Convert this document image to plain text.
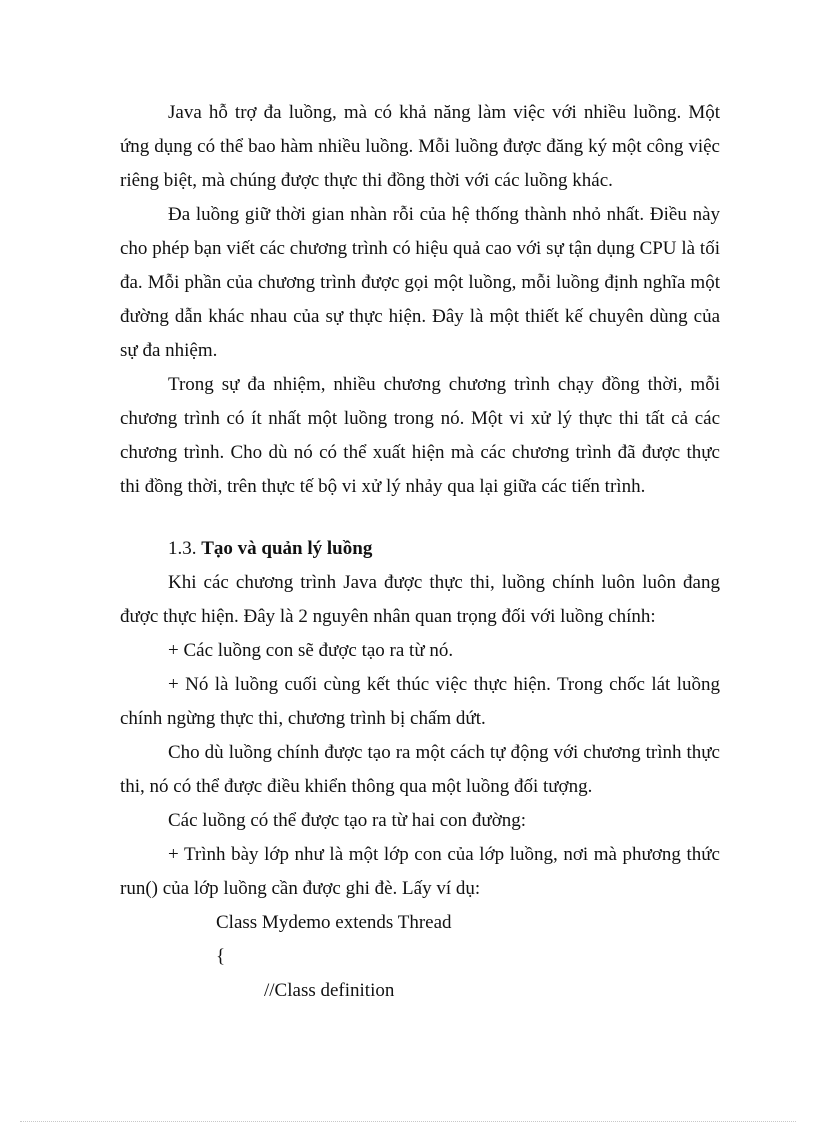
Java hỗ trợ đa luồng, mà có khả năng làm việc với nhiều luồng. Một ứng dụng có thể bao hàm nhiều luồng. Mỗi luồng được đăng ký một công việc riêng biệt, mà chúng được thực thi đồng thời với các luồng khác.

Đa luồng giữ thời gian nhàn rỗi của hệ thống thành nhỏ nhất. Điều này cho phép bạn viết các chương trình có hiệu quả cao với sự tận dụng CPU là tối đa. Mỗi phần của chương trình được gọi một luồng, mỗi luồng định nghĩa một đường dẫn khác nhau của sự thực hiện. Đây là một thiết kế chuyên dùng của sự đa nhiệm.

Trong sự đa nhiệm, nhiều chương chương trình chạy đồng thời, mỗi chương trình có ít nhất một luồng trong nó. Một vi xử lý thực thi tất cả các chương trình. Cho dù nó có thể xuất hiện mà các chương trình đã được thực thi đồng thời, trên thực tế bộ vi xử lý nhảy qua lại giữa các tiến trình.

1.3. Tạo và quản lý luồng

Khi các chương trình Java được thực thi, luồng chính luôn luôn đang được thực hiện. Đây là 2 nguyên nhân quan trọng đối với luồng chính:

+ Các luồng con sẽ được tạo ra từ nó.

+ Nó là luồng cuối cùng kết thúc việc thực hiện. Trong chốc lát luồng chính ngừng thực thi, chương trình bị chấm dứt.

Cho dù luồng chính được tạo ra một cách tự động với chương trình thực thi, nó có thể được điều khiển thông qua một luồng đối tượng.

Các luồng có thể được tạo ra từ hai con đường:

+ Trình bày lớp như là một lớp con của lớp luồng, nơi mà phương thức run() của lớp luồng cần được ghi đè. Lấy ví dụ:

Class Mydemo extends Thread

{

//Class definition
